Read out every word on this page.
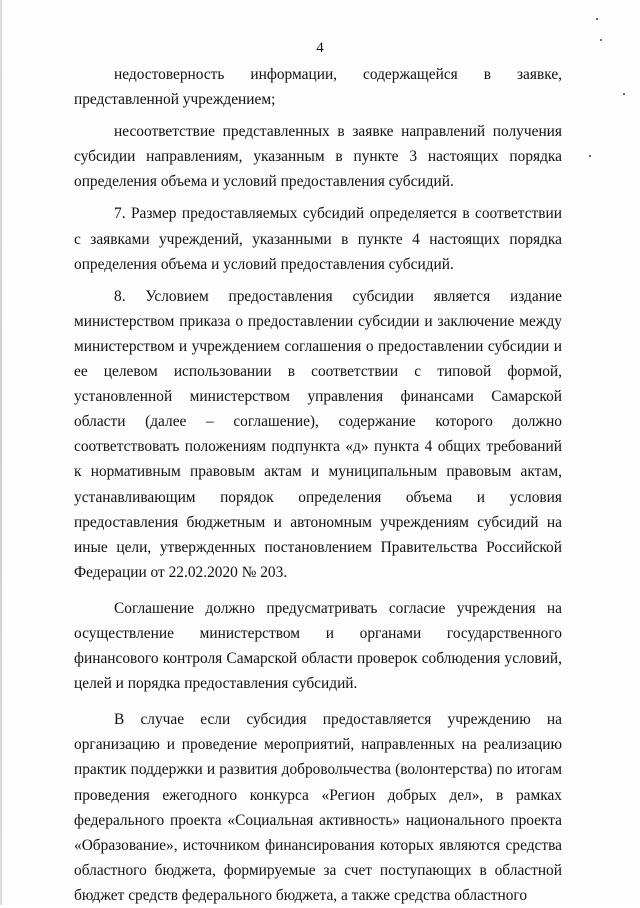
4

недостоверность информации, содержащейся в заявке, представленной учреждением;

несоответствие представленных в заявке направлений получения субсидии направлениям, указанным в пункте 3 настоящих порядка определения объема и условий предоставления субсидий.

7. Размер предоставляемых субсидий определяется в соответствии с заявками учреждений, указанными в пункте 4 настоящих порядка определения объема и условий предоставления субсидий.

8. Условием предоставления субсидии является издание министерством приказа о предоставлении субсидии и заключение между министерством и учреждением соглашения о предоставлении субсидии и ее целевом использовании в соответствии с типовой формой, установленной министерством управления финансами Самарской области (далее – соглашение), содержание которого должно соответствовать положениям подпункта «д» пункта 4 общих требований к нормативным правовым актам и муниципальным правовым актам, устанавливающим порядок определения объема и условия предоставления бюджетным и автономным учреждениям субсидий на иные цели, утвержденных постановлением Правительства Российской Федерации от 22.02.2020 № 203.

Соглашение должно предусматривать согласие учреждения на осуществление министерством и органами государственного финансового контроля Самарской области проверок соблюдения условий, целей и порядка предоставления субсидий.

В случае если субсидия предоставляется учреждению на организацию и проведение мероприятий, направленных на реализацию практик поддержки и развития добровольчества (волонтерства) по итогам проведения ежегодного конкурса «Регион добрых дел», в рамках федерального проекта «Социальная активность» национального проекта «Образование», источником финансирования которых являются средства областного бюджета, формируемые за счет поступающих в областной бюджет средств федерального бюджета, а также средства областного
